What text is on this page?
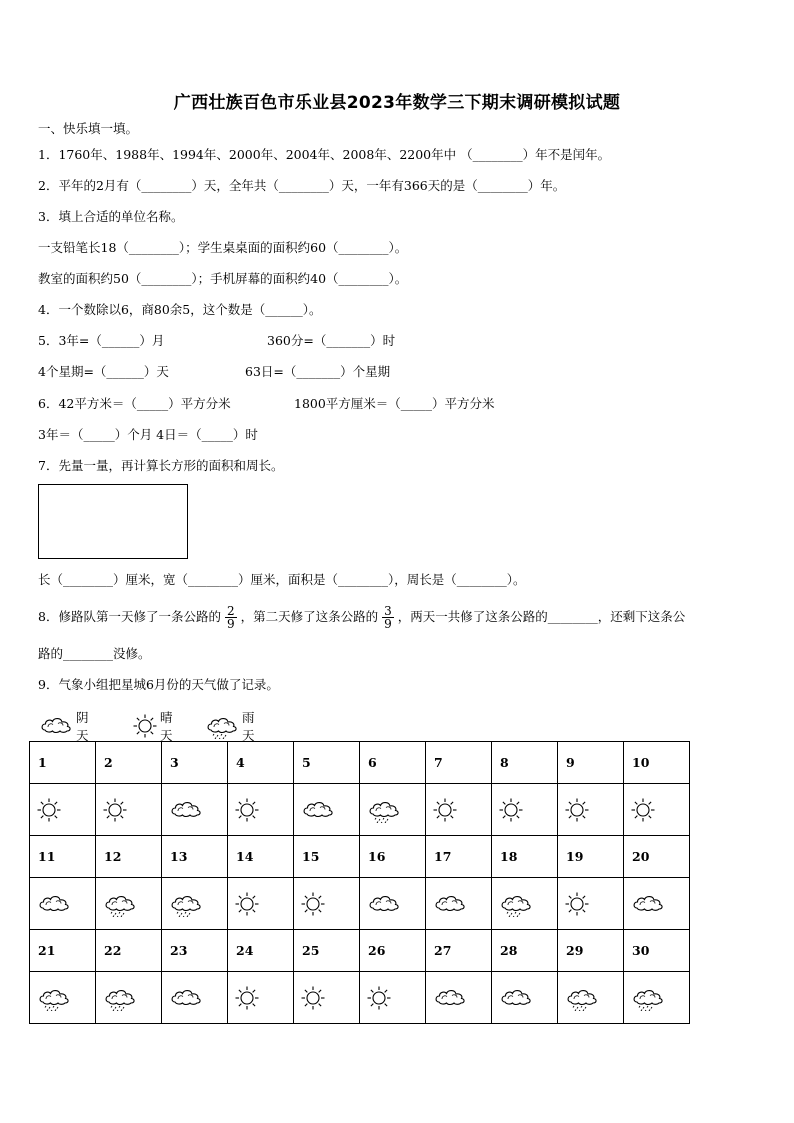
广西壮族百色市乐业县2023年数学三下期末调研模拟试题
一、快乐填一填。
1．1760年、1988年、1994年、2000年、2004年、2008年、2200年中 （________）年不是闰年。
2．平年的2月有（________）天，全年共（________）天，一年有366天的是（________）年。
3．填上合适的单位名称。
一支铅笔长18（________）；学生桌桌面的面积约60（________）。
教室的面积约50（________）；手机屏幕的面积约40（________）。
4．一个数除以6，商80余5，这个数是（______）。
5．3年=（______）月	360分=（_______）时
4个星期=（______）天	63日=（_______）个星期
6．42平方米＝（_____）平方分米	1800平方厘米＝（_____）平方分米
3年＝（_____）个月 4日＝（_____）时
7．先量一量，再计算长方形的面积和周长。
长（________）厘米，宽（________）厘米，面积是（________），周长是（________）。
8．修路队第一天修了一条公路的 $\frac{2}{9}$ ，第二天修了这条公路的 $\frac{3}{9}$ ，两天一共修了这条公路的________，还剩下这条公
路的________没修。
9．气象小组把星城6月份的天气做了记录。
阴天
晴天
雨天
1	2	3	4	5	6	7	8	9	10

11	12	13	14	15	16	17	18	19	20

21	22	23	24	25	26	27	28	29	30
